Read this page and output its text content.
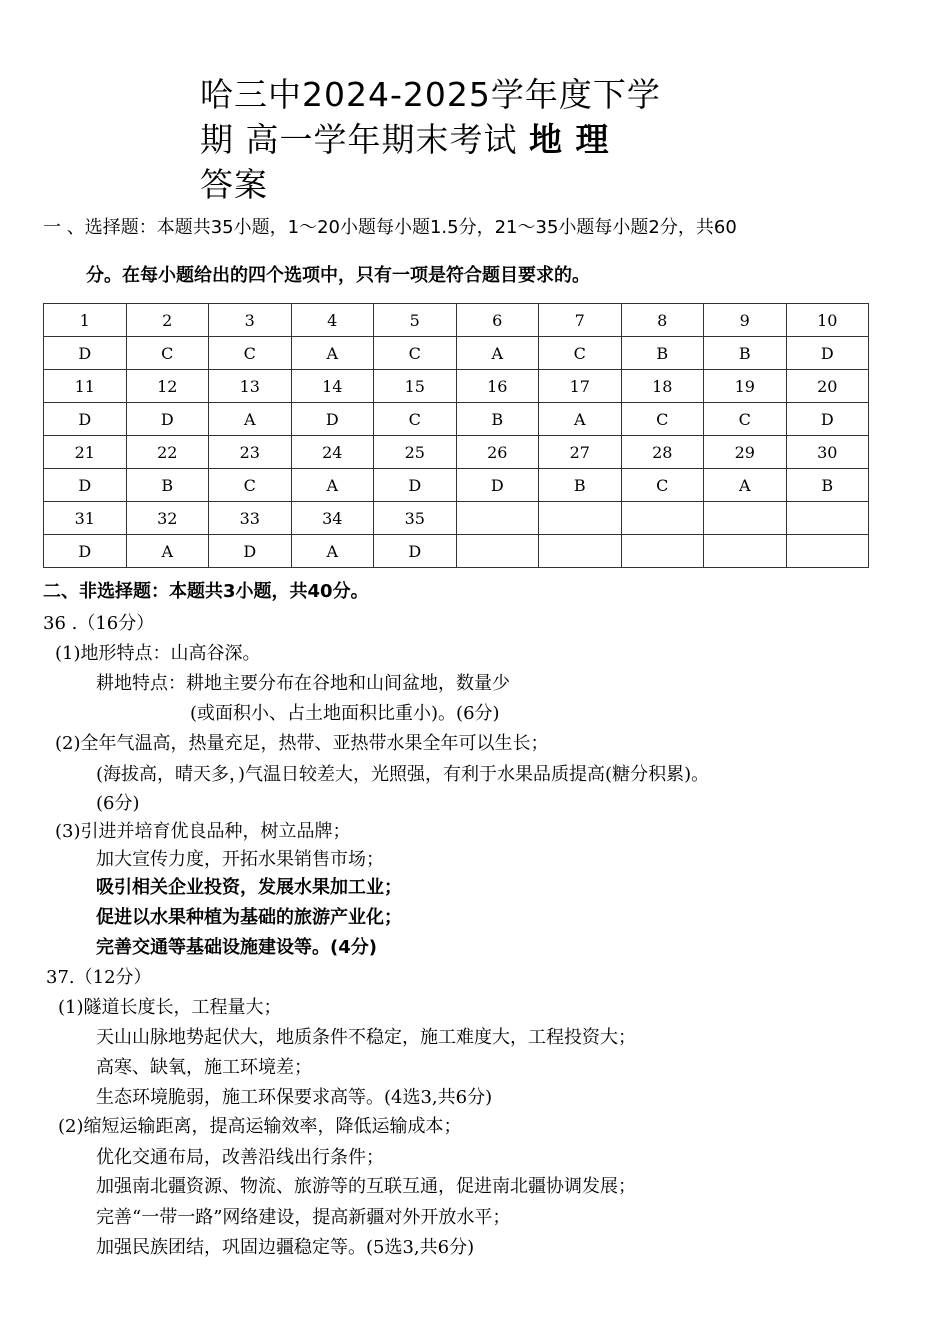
哈三中2024-2025学年度下学
期 高一学年期末考试 地 理
答案
一 、选择题：本题共35小题，1～20小题每小题1.5分，21～35小题每小题2分，共60
分。在每小题给出的四个选项中，只有一项是符合题目要求的。
1	2	3	4	5	6	7	8	9	10
D	C	C	A	C	A	C	B	B	D
11	12	13	14	15	16	17	18	19	20
D	D	A	D	C	B	A	C	C	D
21	22	23	24	25	26	27	28	29	30
D	B	C	A	D	D	B	C	A	B
31	32	33	34	35					
D	A	D	A	D					
二、非选择题：本题共3小题，共40分。
36 .（16分）
(1)地形特点：山高谷深。
耕地特点：耕地主要分布在谷地和山间盆地，数量少
(或面积小、占土地面积比重小)。(6分)
(2)全年气温高，热量充足，热带、亚热带水果全年可以生长；
(海拔高，晴天多，)气温日较差大，光照强，有利于水果品质提高(糖分积累)。
(6分)
(3)引进并培育优良品种，树立品牌；
加大宣传力度，开拓水果销售市场；
吸引相关企业投资，发展水果加工业；
促进以水果种植为基础的旅游产业化；
完善交通等基础设施建设等。(4分)
37.（12分）
(1)隧道长度长，工程量大；
天山山脉地势起伏大，地质条件不稳定，施工难度大，工程投资大；
高寒、缺氧，施工环境差；
生态环境脆弱，施工环保要求高等。(4选3,共6分)
(2)缩短运输距离，提高运输效率，降低运输成本；
优化交通布局，改善沿线出行条件；
加强南北疆资源、物流、旅游等的互联互通，促进南北疆协调发展；
完善“一带一路”网络建设，提高新疆对外开放水平；
加强民族团结，巩固边疆稳定等。(5选3,共6分)
